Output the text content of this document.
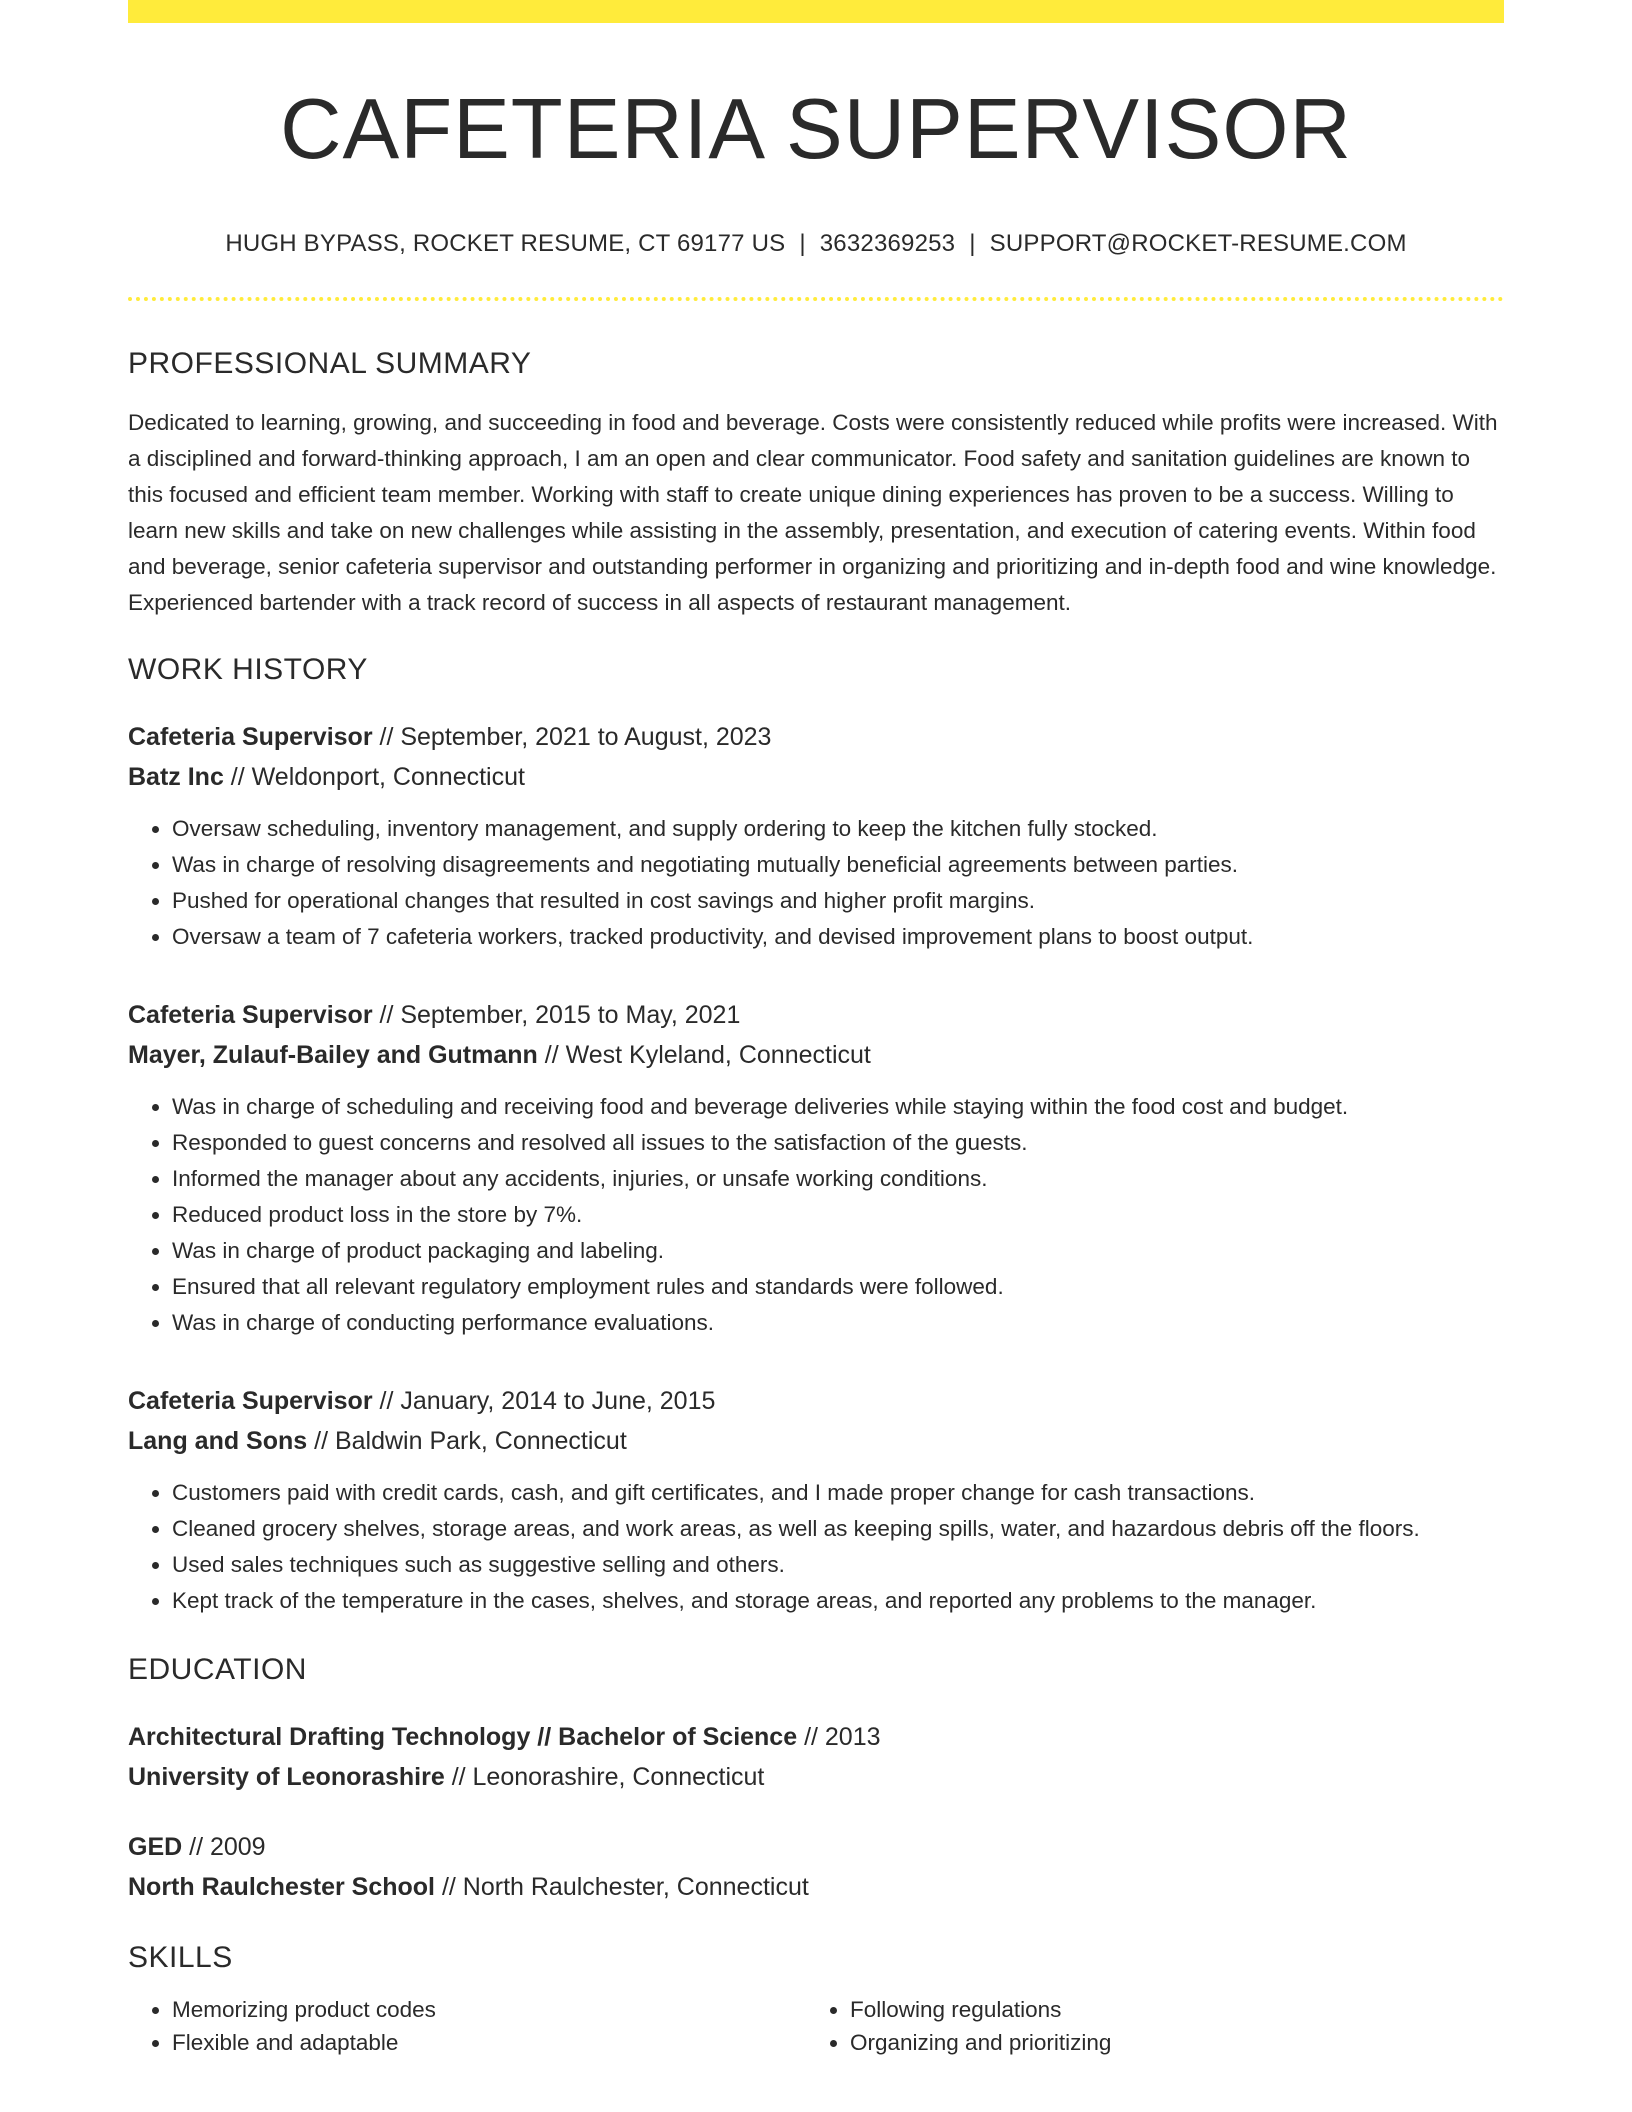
CAFETERIA SUPERVISOR
HUGH BYPASS, ROCKET RESUME, CT 69177 US | 3632369253 | SUPPORT@ROCKET-RESUME.COM
PROFESSIONAL SUMMARY

Dedicated to learning, growing, and succeeding in food and beverage. Costs were consistently reduced while profits were increased. With a disciplined and forward-thinking approach, I am an open and clear communicator. Food safety and sanitation guidelines are known to this focused and efficient team member. Working with staff to create unique dining experiences has proven to be a success. Willing to learn new skills and take on new challenges while assisting in the assembly, presentation, and execution of catering events. Within food and beverage, senior cafeteria supervisor and outstanding performer in organizing and prioritizing and in-depth food and wine knowledge. Experienced bartender with a track record of success in all aspects of restaurant management.

WORK HISTORY
Cafeteria Supervisor // September, 2021 to August, 2023
Batz Inc // Weldonport, Connecticut
• Oversaw scheduling, inventory management, and supply ordering to keep the kitchen fully stocked.
• Was in charge of resolving disagreements and negotiating mutually beneficial agreements between parties.
• Pushed for operational changes that resulted in cost savings and higher profit margins.
• Oversaw a team of 7 cafeteria workers, tracked productivity, and devised improvement plans to boost output.
Cafeteria Supervisor // September, 2015 to May, 2021
Mayer, Zulauf-Bailey and Gutmann // West Kyleland, Connecticut
• Was in charge of scheduling and receiving food and beverage deliveries while staying within the food cost and budget.
• Responded to guest concerns and resolved all issues to the satisfaction of the guests.
• Informed the manager about any accidents, injuries, or unsafe working conditions.
• Reduced product loss in the store by 7%.
• Was in charge of product packaging and labeling.
• Ensured that all relevant regulatory employment rules and standards were followed.
• Was in charge of conducting performance evaluations.
Cafeteria Supervisor // January, 2014 to June, 2015
Lang and Sons // Baldwin Park, Connecticut
• Customers paid with credit cards, cash, and gift certificates, and I made proper change for cash transactions.
• Cleaned grocery shelves, storage areas, and work areas, as well as keeping spills, water, and hazardous debris off the floors.
• Used sales techniques such as suggestive selling and others.
• Kept track of the temperature in the cases, shelves, and storage areas, and reported any problems to the manager.
EDUCATION
Architectural Drafting Technology // Bachelor of Science // 2013
University of Leonorashire // Leonorashire, Connecticut
GED // 2009
North Raulchester School // North Raulchester, Connecticut
SKILLS
• Memorizing product codes
• Flexible and adaptable
• Following regulations
• Organizing and prioritizing
